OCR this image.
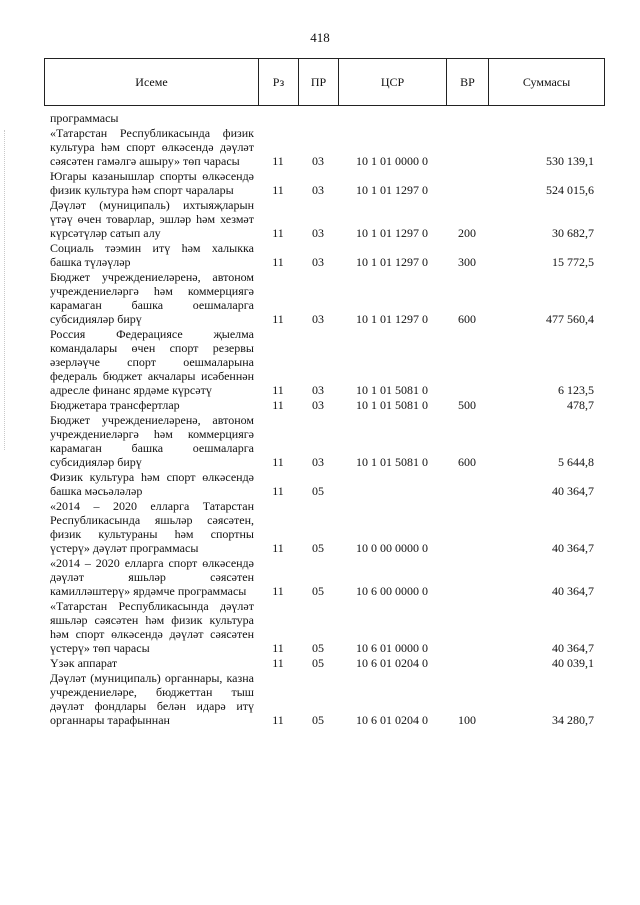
418
Исеме	Рз	ПР	ЦСР	ВР	Суммасы
программасы					
«Татарстан Республикасында физик культура һәм спорт өлкәсендә дәүләт сәясәтен гамәлгә ашыру» төп чарасы	11	03	10 1 01 0000 0		530 139,1
Югары казанышлар спорты өлкәсендә физик культура һәм спорт чаралары	11	03	10 1 01 1297 0		524 015,6
Дәүләт (муниципаль) ихтыяҗларын үтәү өчен товарлар, эшләр һәм хезмәт күрсәтүләр сатып алу	11	03	10 1 01 1297 0	200	30 682,7
Социаль тәэмин итү һәм халыкка башка түләүләр	11	03	10 1 01 1297 0	300	15 772,5
Бюджет учреждениеләренә, автоном учреждениеләргә һәм коммерциягә карамаган башка оешмаларга субсидияләр бирү	11	03	10 1 01 1297 0	600	477 560,4
Россия Федерациясе җыелма командалары өчен спорт резервы әзерләүче спорт оешмаларына федераль бюджет акчалары исәбеннән адресле финанс ярдәме күрсәтү	11	03	10 1 01 5081 0		6 123,5
Бюджетара трансфертлар	11	03	10 1 01 5081 0	500	478,7
Бюджет учреждениеләренә, автоном учреждениеләргә һәм коммерциягә карамаган башка оешмаларга субсидияләр бирү	11	03	10 1 01 5081 0	600	5 644,8
Физик культура һәм спорт өлкәсендә башка мәсьәләләр	11	05			40 364,7
«2014 – 2020 елларга Татарстан Республикасында яшьләр сәясәтен, физик культураны һәм спортны үстерү» дәүләт программасы	11	05	10 0 00 0000 0		40 364,7
«2014 – 2020 елларга спорт өлкәсендә дәүләт яшьләр сәясәтен камилләштерү» ярдәмче программасы	11	05	10 6 00 0000 0		40 364,7
«Татарстан Республикасында дәүләт яшьләр сәясәтен һәм физик культура һәм спорт өлкәсендә дәүләт сәясәтен үстерү» төп чарасы	11	05	10 6 01 0000 0		40 364,7
Үзәк аппарат	11	05	10 6 01 0204 0		40 039,1
Дәүләт (муниципаль) органнары, казна учреждениеләре, бюджеттан тыш дәүләт фондлары белән идарә итү органнары тарафыннан	11	05	10 6 01 0204 0	100	34 280,7
